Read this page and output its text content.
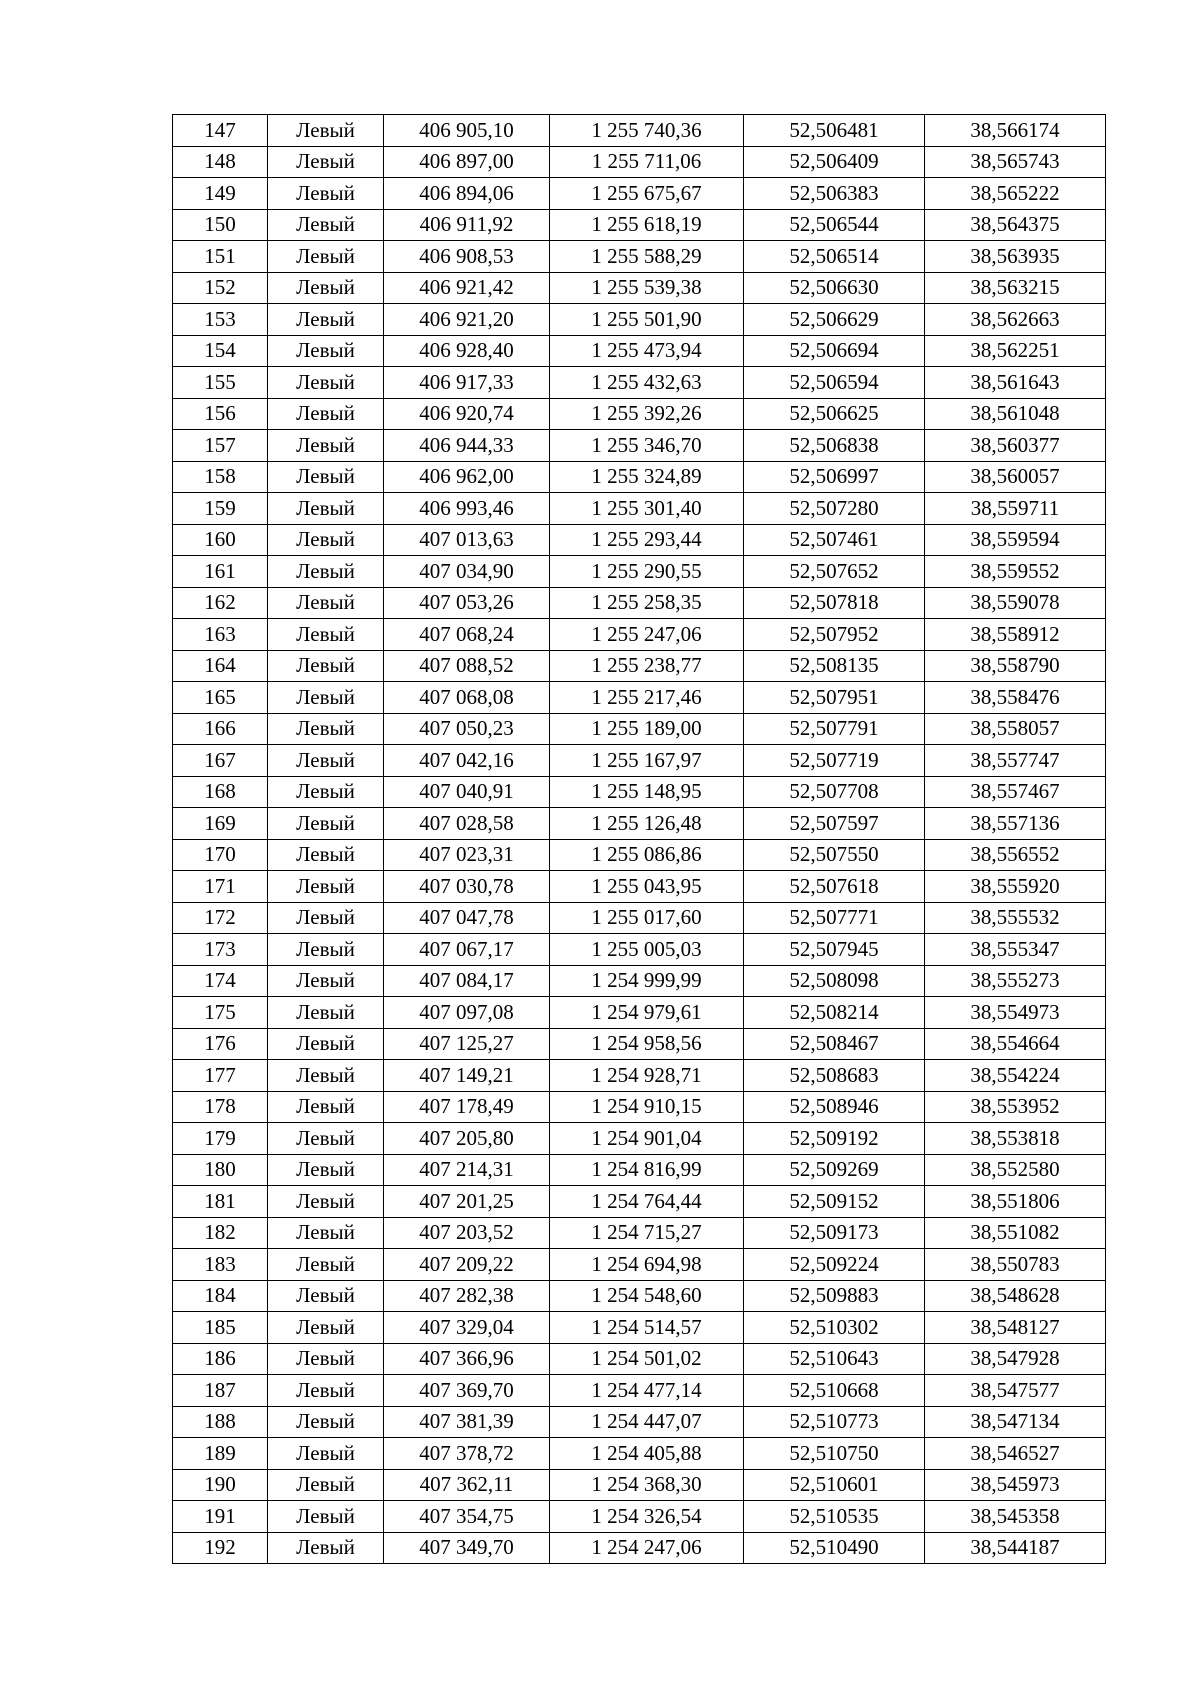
147	Левый	406 905,10	1 255 740,36	52,506481	38,566174
148	Левый	406 897,00	1 255 711,06	52,506409	38,565743
149	Левый	406 894,06	1 255 675,67	52,506383	38,565222
150	Левый	406 911,92	1 255 618,19	52,506544	38,564375
151	Левый	406 908,53	1 255 588,29	52,506514	38,563935
152	Левый	406 921,42	1 255 539,38	52,506630	38,563215
153	Левый	406 921,20	1 255 501,90	52,506629	38,562663
154	Левый	406 928,40	1 255 473,94	52,506694	38,562251
155	Левый	406 917,33	1 255 432,63	52,506594	38,561643
156	Левый	406 920,74	1 255 392,26	52,506625	38,561048
157	Левый	406 944,33	1 255 346,70	52,506838	38,560377
158	Левый	406 962,00	1 255 324,89	52,506997	38,560057
159	Левый	406 993,46	1 255 301,40	52,507280	38,559711
160	Левый	407 013,63	1 255 293,44	52,507461	38,559594
161	Левый	407 034,90	1 255 290,55	52,507652	38,559552
162	Левый	407 053,26	1 255 258,35	52,507818	38,559078
163	Левый	407 068,24	1 255 247,06	52,507952	38,558912
164	Левый	407 088,52	1 255 238,77	52,508135	38,558790
165	Левый	407 068,08	1 255 217,46	52,507951	38,558476
166	Левый	407 050,23	1 255 189,00	52,507791	38,558057
167	Левый	407 042,16	1 255 167,97	52,507719	38,557747
168	Левый	407 040,91	1 255 148,95	52,507708	38,557467
169	Левый	407 028,58	1 255 126,48	52,507597	38,557136
170	Левый	407 023,31	1 255 086,86	52,507550	38,556552
171	Левый	407 030,78	1 255 043,95	52,507618	38,555920
172	Левый	407 047,78	1 255 017,60	52,507771	38,555532
173	Левый	407 067,17	1 255 005,03	52,507945	38,555347
174	Левый	407 084,17	1 254 999,99	52,508098	38,555273
175	Левый	407 097,08	1 254 979,61	52,508214	38,554973
176	Левый	407 125,27	1 254 958,56	52,508467	38,554664
177	Левый	407 149,21	1 254 928,71	52,508683	38,554224
178	Левый	407 178,49	1 254 910,15	52,508946	38,553952
179	Левый	407 205,80	1 254 901,04	52,509192	38,553818
180	Левый	407 214,31	1 254 816,99	52,509269	38,552580
181	Левый	407 201,25	1 254 764,44	52,509152	38,551806
182	Левый	407 203,52	1 254 715,27	52,509173	38,551082
183	Левый	407 209,22	1 254 694,98	52,509224	38,550783
184	Левый	407 282,38	1 254 548,60	52,509883	38,548628
185	Левый	407 329,04	1 254 514,57	52,510302	38,548127
186	Левый	407 366,96	1 254 501,02	52,510643	38,547928
187	Левый	407 369,70	1 254 477,14	52,510668	38,547577
188	Левый	407 381,39	1 254 447,07	52,510773	38,547134
189	Левый	407 378,72	1 254 405,88	52,510750	38,546527
190	Левый	407 362,11	1 254 368,30	52,510601	38,545973
191	Левый	407 354,75	1 254 326,54	52,510535	38,545358
192	Левый	407 349,70	1 254 247,06	52,510490	38,544187
